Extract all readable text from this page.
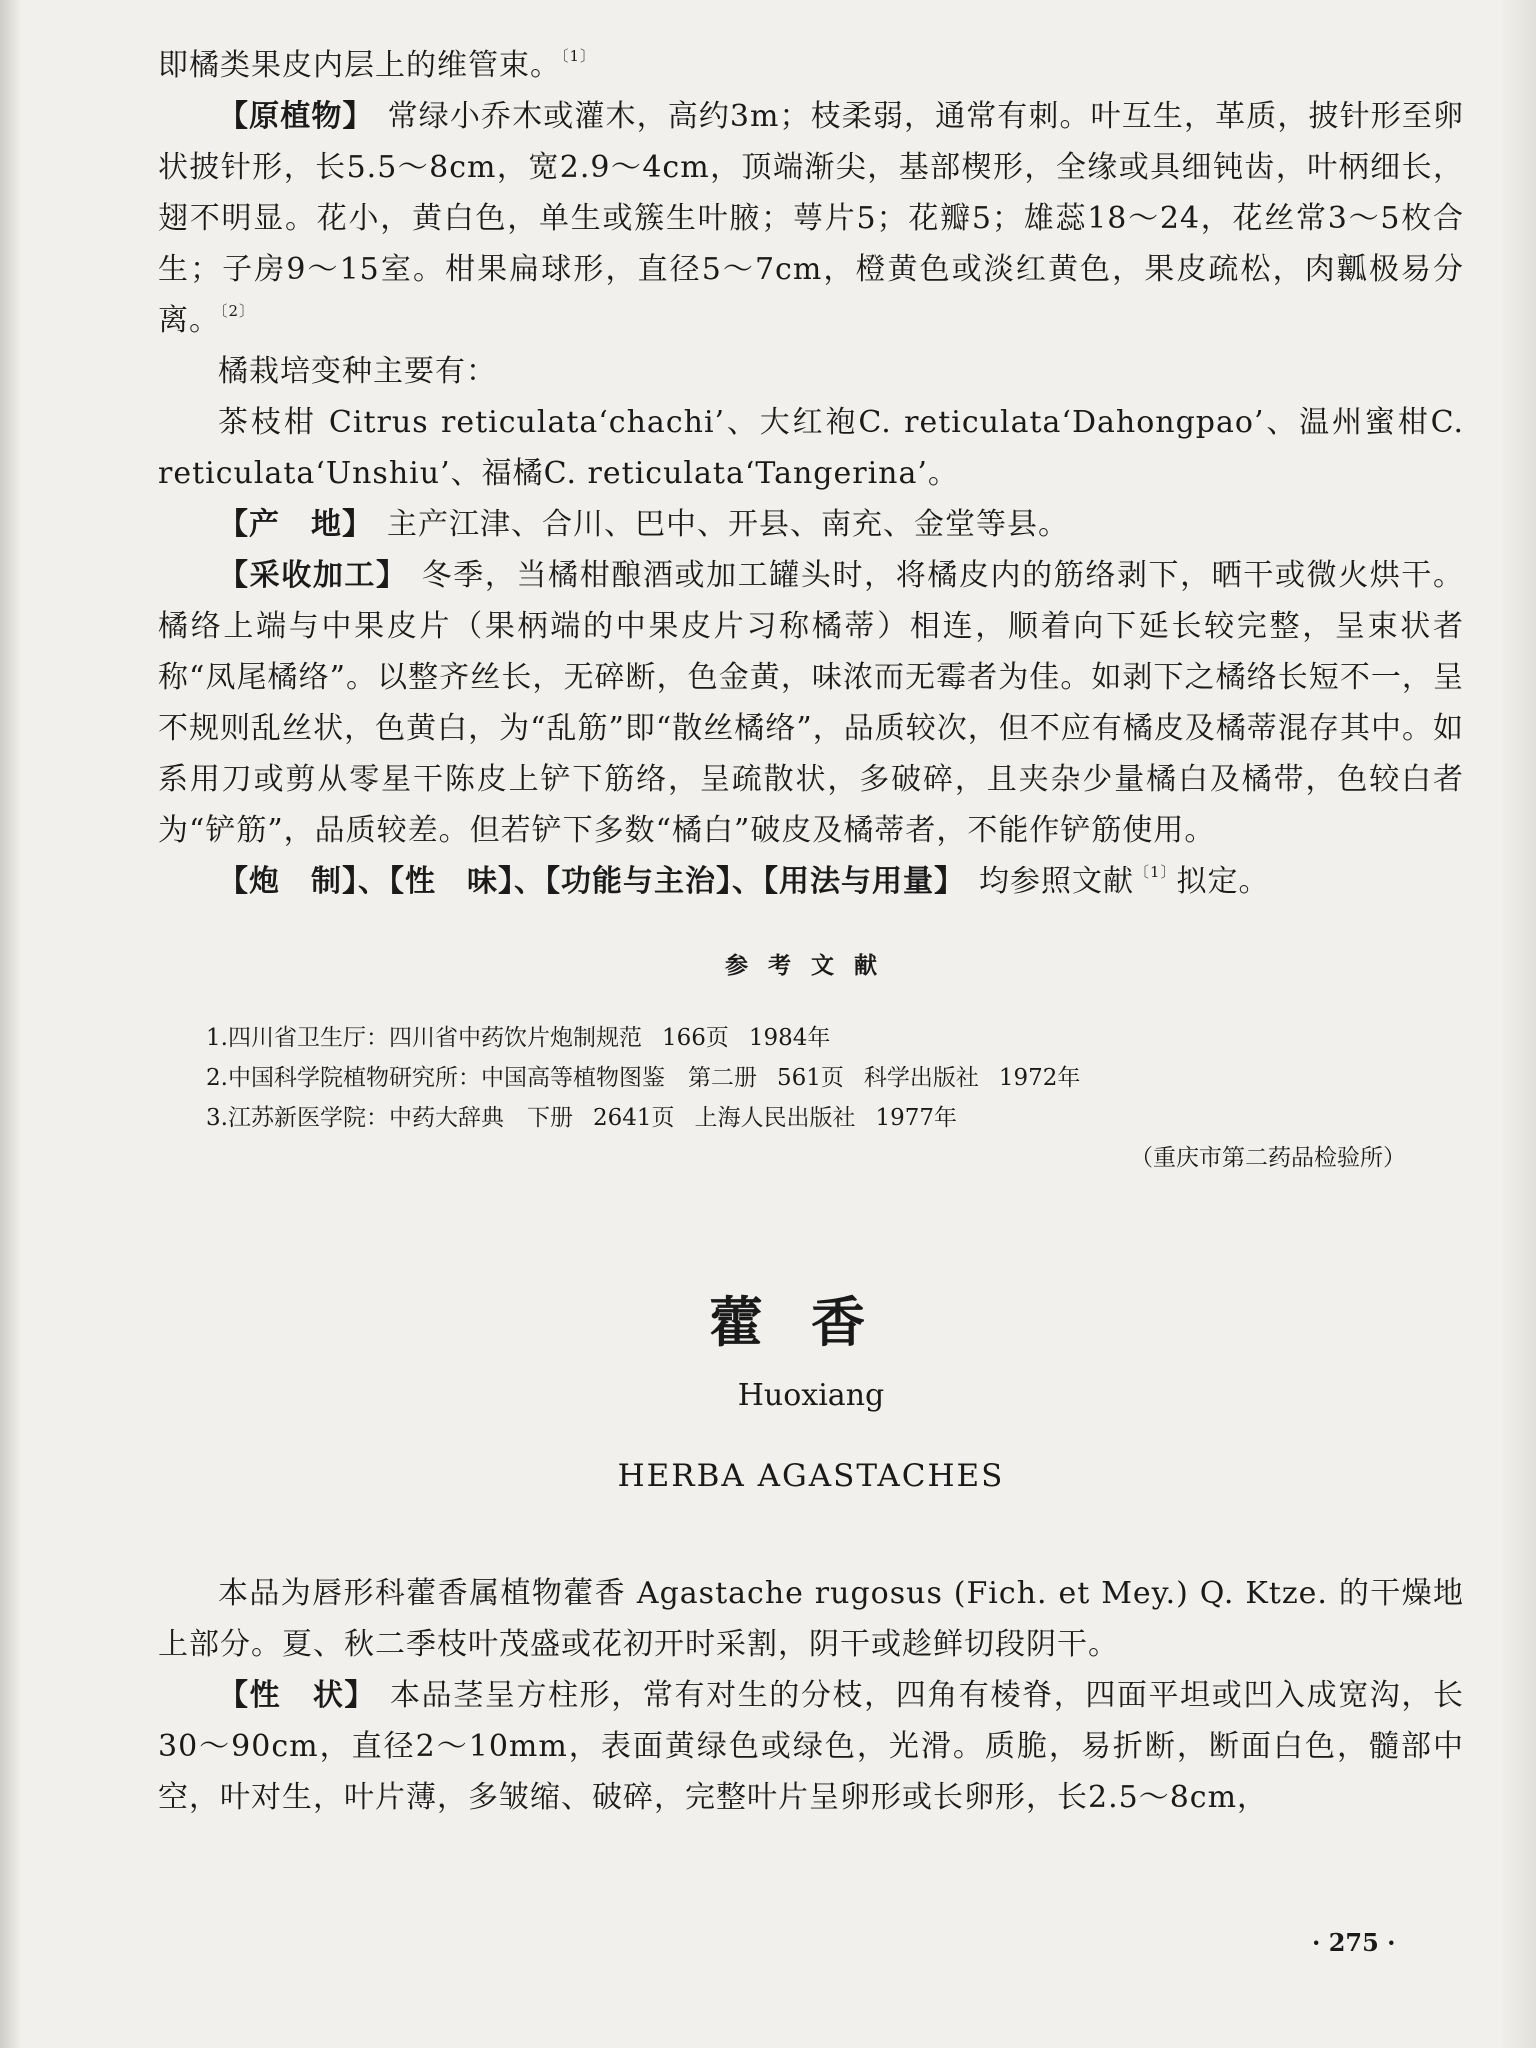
即橘类果皮内层上的维管束。$^{〔1〕}$

【原植物】 常绿小乔木或灌木，高约3m；枝柔弱，通常有刺。叶互生，革质，披针形至卵状披针形，长5.5～8cm，宽2.9～4cm，顶端渐尖，基部楔形，全缘或具细钝齿，叶柄细长，翅不明显。花小，黄白色，单生或簇生叶腋；萼片5；花瓣5；雄蕊18～24，花丝常3～5枚合生；子房9～15室。柑果扁球形，直径5～7cm，橙黄色或淡红黄色，果皮疏松，肉瓤极易分离。$^{〔2〕}$

橘栽培变种主要有：

茶枝柑 Citrus reticulata‘chachi’、大红袍C. reticulata‘Dahongpao’、温州蜜柑C. reticulata‘Unshiu’、福橘C. reticulata‘Tangerina’。

【产　地】 主产江津、合川、巴中、开县、南充、金堂等县。

【采收加工】 冬季，当橘柑酿酒或加工罐头时，将橘皮内的筋络剥下，晒干或微火烘干。橘络上端与中果皮片（果柄端的中果皮片习称橘蒂）相连，顺着向下延长较完整，呈束状者称“凤尾橘络”。以整齐丝长，无碎断，色金黄，味浓而无霉者为佳。如剥下之橘络长短不一，呈不规则乱丝状，色黄白，为“乱筋”即“散丝橘络”，品质较次，但不应有橘皮及橘蒂混存其中。如系用刀或剪从零星干陈皮上铲下筋络，呈疏散状，多破碎，且夹杂少量橘白及橘带，色较白者为“铲筋”，品质较差。但若铲下多数“橘白”破皮及橘蒂者，不能作铲筋使用。

【炮　制】、【性　味】、【功能与主治】、【用法与用量】 均参照文献$^{〔1〕}$拟定。

参考文献

1.四川省卫生厅：四川省中药饮片炮制规范 166页 1984年

2.中国科学院植物研究所：中国高等植物图鉴　第二册 561页 科学出版社 1972年

3.江苏新医学院：中药大辞典　下册 2641页 上海人民出版社 1977年

（重庆市第二药品检验所）

藿香
Huoxiang
HERBA AGASTACHES

本品为唇形科藿香属植物藿香 Agastache rugosus (Fich. et Mey.) Q. Ktze. 的干燥地上部分。夏、秋二季枝叶茂盛或花初开时采割，阴干或趁鲜切段阴干。

【性　状】 本品茎呈方柱形，常有对生的分枝，四角有棱脊，四面平坦或凹入成宽沟，长30～90cm，直径2～10mm，表面黄绿色或绿色，光滑。质脆，易折断，断面白色，髓部中空，叶对生，叶片薄，多皱缩、破碎，完整叶片呈卵形或长卵形，长2.5～8cm，

· 275 ·
